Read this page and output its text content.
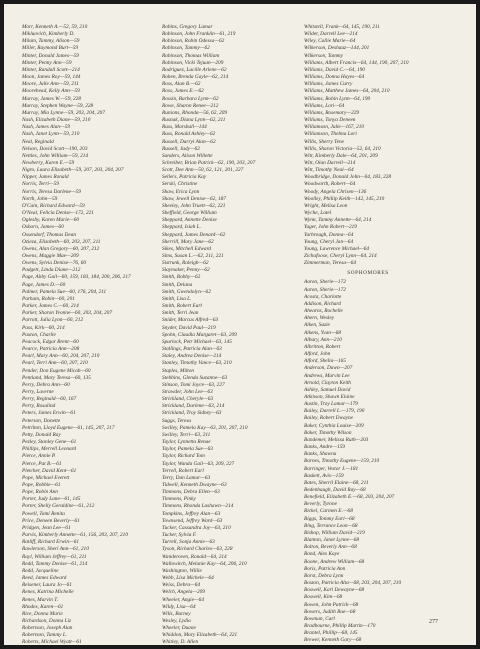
Morr, Kenneth A.—52, 59, 210
Mikluovich, Kimberly D.
Milam, Tammy, Alison—59
Miller, Raymond Burt—59
Minter, Donald James—59
Minter, Penny Ann—59
Minter, Randall Scott—214
Moon, James Roy—59, 144
Moore, Julie Ann—59, 211
Moorehead, Kelly Ann—59
Murray, James W.—59, 228
Murray, Stephen Wayne—59, 228
Murray, Mia Lynne—59, 203, 204, 207
Nash, Elizabeth Diane—59, 210
Nash, James Alan—59
Nash, Janet Lynn—59, 210
Neal, Reginald
Nelson, David Scott—190, 203
Nettles, John William—59, 214
Newberry, Karen E.—59
Nigro, Laura Elizabeth—59, 207, 203, 204, 207
Nipper, James Ronald
Norris, Terri—59
Norris, Teresa Darlene—59
North, John—59
O'Cain, Richard Edward—59
O'Neal, Felicia Denise—172, 221
Oglesby, Karen Marie—60
Osborn, James—60
Ossendorf, Thomas Dean
Ozieza, Elizabeth—60, 203, 207, 211
Owens, Alan Gregory—60, 207, 212
Owens, Maggie Mae—209
Owens, Sylvia Denise—76, 60
Padgett, Linda Diane—212
Page, Abby Gail—60, 159, 183, 184, 200, 206, 217
Page, James D.—60
Palmer, Pamela Sue—60, 176, 204, 211
Parham, Robin—60, 201
Parker, James C.—60, 214
Parker, Sharon Yvonne—60, 203, 204, 207
Parrott, Julia Lynn—60, 212
Pass, Kirk—60, 214
Paxton, Charlie
Peacock, Edgar Brent—60
Pearce, Patricia Ann—208
Pearl, Mary Ann—60, 204, 207, 210
Pearl, Terri Ann—60, 207, 210
Pender, Don Eugene Micah—60
Pentland, Mary Teresa—60, 135
Perry, Debra Ann—60
Perry, Laverne
Perry, Reginald—60, 167
Perry, Rosalind
Peters, James Erwin—61
Peterson, Danette
Petrilton, Lloyd Eugene—61, 145, 207, 217
Petty, Donald Ray
Pezley, Stanley Gene—61
Phillips, Merrell Leonard
Pierce, Annie P.
Pierce, Pat B.—61
Pletcher, David Kent—61
Pope, Michael Everett
Pope, Robbie—61
Pope, Robin Ann
Porter, Judy Lane—61, 145
Porter, Shelly Geraldine—61, 212
Powell, Tami Renita
Price, Deneen Beverly—61
Pridgen, Jean Lee—61
Purvis, Kimberly Annette—61, 156, 203, 207, 210
Ratliff, Richard Erwin—61
Rawlerson, Sheri Ann—61, 210
Rayl, William Jeffrey—61, 211
Redd, Tammy Denise—61, 214
Redd, Jacqueline
Reed, James Edward
Reisener, Laura Jo—61
Renes, Katrina Michelle
Renes, Marvin T.
Rhodes, Karen—61
Rice, Donna Marie
Richardson, Donna Liz
Robertson, Joseph Alan
Robertson, Tammy L.
Roberts, Michael Wyatt—61
Robins, Gregory Lamar
Robinson, John Franklin—61, 219
Robinson, Robin Odessa—62
Robinson, Tammy—62
Robinson, Thomas William
Robinson, Vicki Tejuan—209
Rodriguez, Lucille Arlene—62
Rohen, Brenda Gayle—62, 214
Ross, Alan B.—62
Ross, James E.—62
Rossin, Barbara Lynn—62
Rowe, Sharon Renee—212
Runions, Rhonda—56, 62, 209
Rusnak, Diana Lynn—62, 211
Russ, Marshall—144
Russ, Ronald Ashley—62
Russell, Darryl Alan—62
Russell, Judy—62
Sanders, Alison Willette
Schreiber, Brian Patrick—62, 190, 203, 207
Scott, Dee Ann—50, 62, 121, 201, 227
Sellers, Patricia Kay
Serski, Christine
Shaw, Erica Lynn
Shaw, Jewell Denise—62, 187
Sheeley, John Truett—62, 221
Sheffield, George William
Sheppard, Annette Denise
Sheppard, Isiah L.
Sheppard, James Denard—62
Sherrill, Mary Jane—62
Sikes, Mitchell Edward
Sims, Susan L.—62, 211, 221
Sistrunk, Raleigh—62
Slaymaker, Penny—62
Smith, Bobby—62
Smith, Delana
Smith, Gwendolyn—62
Smith, Lisa L.
Smith, Robert Earl
Smith, Terri Jean
Snider, Marcus Alfred—63
Snyder, David Paul—219
Spohn, Claudia Margaret—63, 209
Spurlock, Petr Michael—63, 145
Stallings, Patricia Alan—63
Staley, Andrea Denise—214
Stanley, Timothy Vance—63, 210
Staples, Milton
Stebbins, Glenda Suzanne—63
Stinson, Tomi Joyce—63, 227
Strawder, John Lee—63
Strickland, Cheryle—63
Strickland, Darlene—63, 214
Strickland, Troy Sidney—63
Suggs, Teresa
Swilley, Pamela Kay—63, 201, 207, 210
Swilley, Terri—63, 211
Taylor, Lynnetta Renae
Taylor, Pamela Sue—63
Taylor, Richard Tom
Taylor, Wanda Gail—63, 209, 227
Terrell, Robert Earl
Terry, Dan Lamar—63
Tidwell, Kenneth Dwayne—63
Timmons, Debra Ellen—63
Timmons, Pinky
Timmons, Rhonda Lashawn—214
Tompkins, Jeffrey Alan—63
Townsend, Jeffrey Ward—63
Tucker, Cassandra Joy—63, 210
Tucker, Sylvia F.
Turrell, Sonja Annie—63
Tyson, Richard Charles—63, 228
Wanderoven, Ronald—64, 214
Wallowitch, Melanie Kay—64, 206, 210
Washington, Willie
Webb, Lisa Michele—64
Weiss, Debra—64
Welch, Angela—209
Wheeler, Angie—64
Wildy, Lisa—64
Wills, Barney
Wesley, Lydia
Wheeler, Duane
Whiddon, Mary Elizabeth—64, 221
Whitley, D. Allen
Whitstell, Frank—64, 145, 190, 211
Wilder, Darrell Lee—214
Wiley, Callie Marie—64
Wilkerson, Deshauz—144, 201
Wilkerson, Tammy
Williams, Albert Francis—64, 144, 190, 207, 210
Williams, David C.—64, 190
Williams, Donna Hayes—64
Williams, James Curry
Williams, Matthew James—64, 204, 210
Williams, Robin Lynn—64, 190
Williams, Lori—64
Williams, Rosemary—229
Williams, Tonya Deneen
Williamson, Julie—167, 210
Williamson, Thelma Lori
Willis, Sherry Tene
Willis, Sharon Victoria—52, 64, 210
Witt, Kimberly Dale—64, 201, 209
Witt, Olan Darrell—214
Witt, Timothy Neal—64
Woodbridge, Donald John—64, 183, 228
Woodworth, Robert—64
Woody, Angela Chrisen—136
Woolley, Phillip Keith—142, 145, 210
Wright, Melisa Leon
Wyche, Latel
Wynn, Tammy Annette—64, 214
Yager, John Robert—219
Yarbrough, Donna—64
Young, Cheryl Jan—64
Young, Lawrence Michael—64
Zichafoose, Cheryl Lynn—64, 214
Zimmerman, Teresa—64
SOPHOMORES
Aaron, Sherie—172
Aaron, Sherie—172
Acosta, Charlotte
Addison, Richard
Ahearns, Rochelle
Ahern, Wesley
Aiken, Suzie
Aikens, Yvan—68
Albury, Ann—210
Albritton, Robert
Alford, John
Alford, Shelia—165
Anderson, Dawn—207
Andrews, Marvin Lee
Arnold, Clayton Keith
Ashley, Samuel David
Atkinson, Shawn Elaine
Austin, Troy Lamar—179
Bailey, Darrell L.—179, 190
Bailey, Robert Dwayne
Baker, Cynthia Louise—209
Baker, Timothy Wilson
Bandemer, Melissa Ruth—203
Banks, Andre—159
Banks, Shawna
Barnes, Timothy Eugene—159, 210
Barringer, Vestor J.—181
Baskett, Avis—159
Bates, Sherril Elaine—68, 211
Bedenbaugh, David Ray—68
Benefield, Elizabeth E.—68, 203, 204, 207
Beverly, Tyrone
Bickel, Carmen E.—68
Biggs, Tommy Earl—68
Bing, Terrance Leon—68
Bishop, William David—219
Blanton, Janet Lynne—68
Bolton, Beverly Ann—68
Bond, Alex Kaye
Boone, Andrew William—68
Boris, Patricia Ann
Borst, Debra Lynn
Boston, Patricia Alta—68, 203, 204, 207, 210
Boswell, Karl Dewayne—68
Boswell, Kim—68
Bowen, John Patrick—68
Bowers, Judith Rae—68
Bowman, Carl
Bradbourne, Phillip Martin—170
Brantel, Phillip—68, 145
Brewer, Kenneth Gary—68
277
